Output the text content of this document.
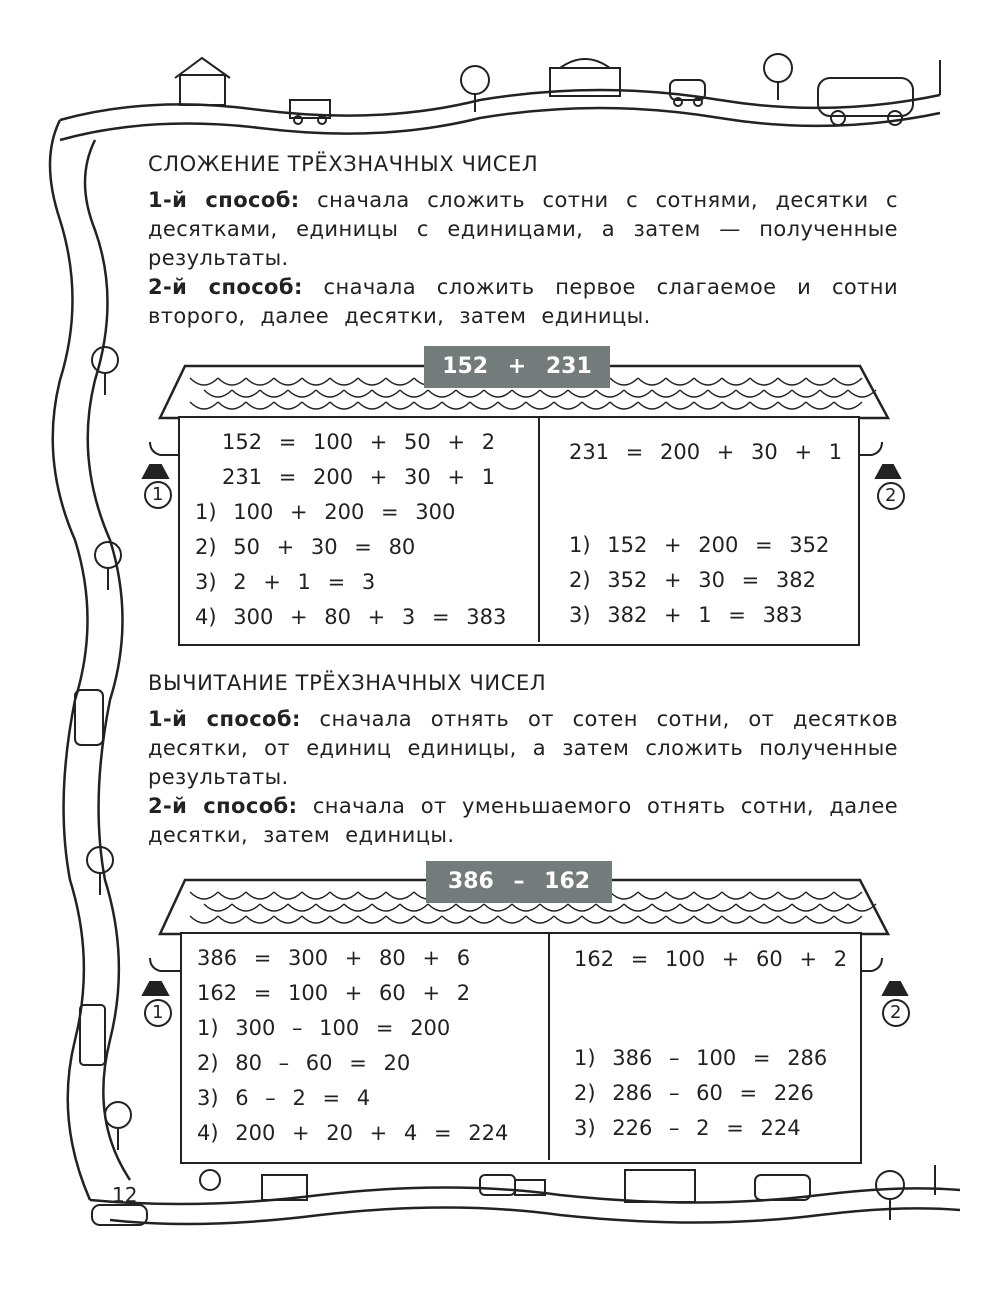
СЛОЖЕНИЕ ТРЁХЗНАЧНЫХ ЧИСЕЛ

1-й способ: сначала сложить сотни с сотнями, десятки с десятками, единицы с единицами, а затем — полученные результаты.

2-й способ: сначала сложить первое слагаемое и сотни второго, далее десятки, затем единицы.

152 + 231
152 = 100 + 50 + 2
231 = 200 + 30 + 1
1) 100 + 200 = 300
2) 50 + 30 = 80
3) 2 + 1 = 3
4) 300 + 80 + 3 = 383
231 = 200 + 30 + 1
1) 152 + 200 = 352
2) 352 + 30 = 382
3) 382 + 1 = 383
1	2
ВЫЧИТАНИЕ ТРЁХЗНАЧНЫХ ЧИСЕЛ

1-й способ: сначала отнять от сотен сотни, от десятков десятки, от единиц единицы, а затем сложить полученные результаты.

2-й способ: сначала от уменьшаемого отнять сотни, далее десятки, затем единицы.

386 – 162
386 = 300 + 80 + 6
162 = 100 + 60 + 2
1) 300 – 100 = 200
2) 80 – 60 = 20
3) 6 – 2 = 4
4) 200 + 20 + 4 = 224
162 = 100 + 60 + 2
1) 386 – 100 = 286
2) 286 – 60 = 226
3) 226 – 2 = 224
1	2
12
